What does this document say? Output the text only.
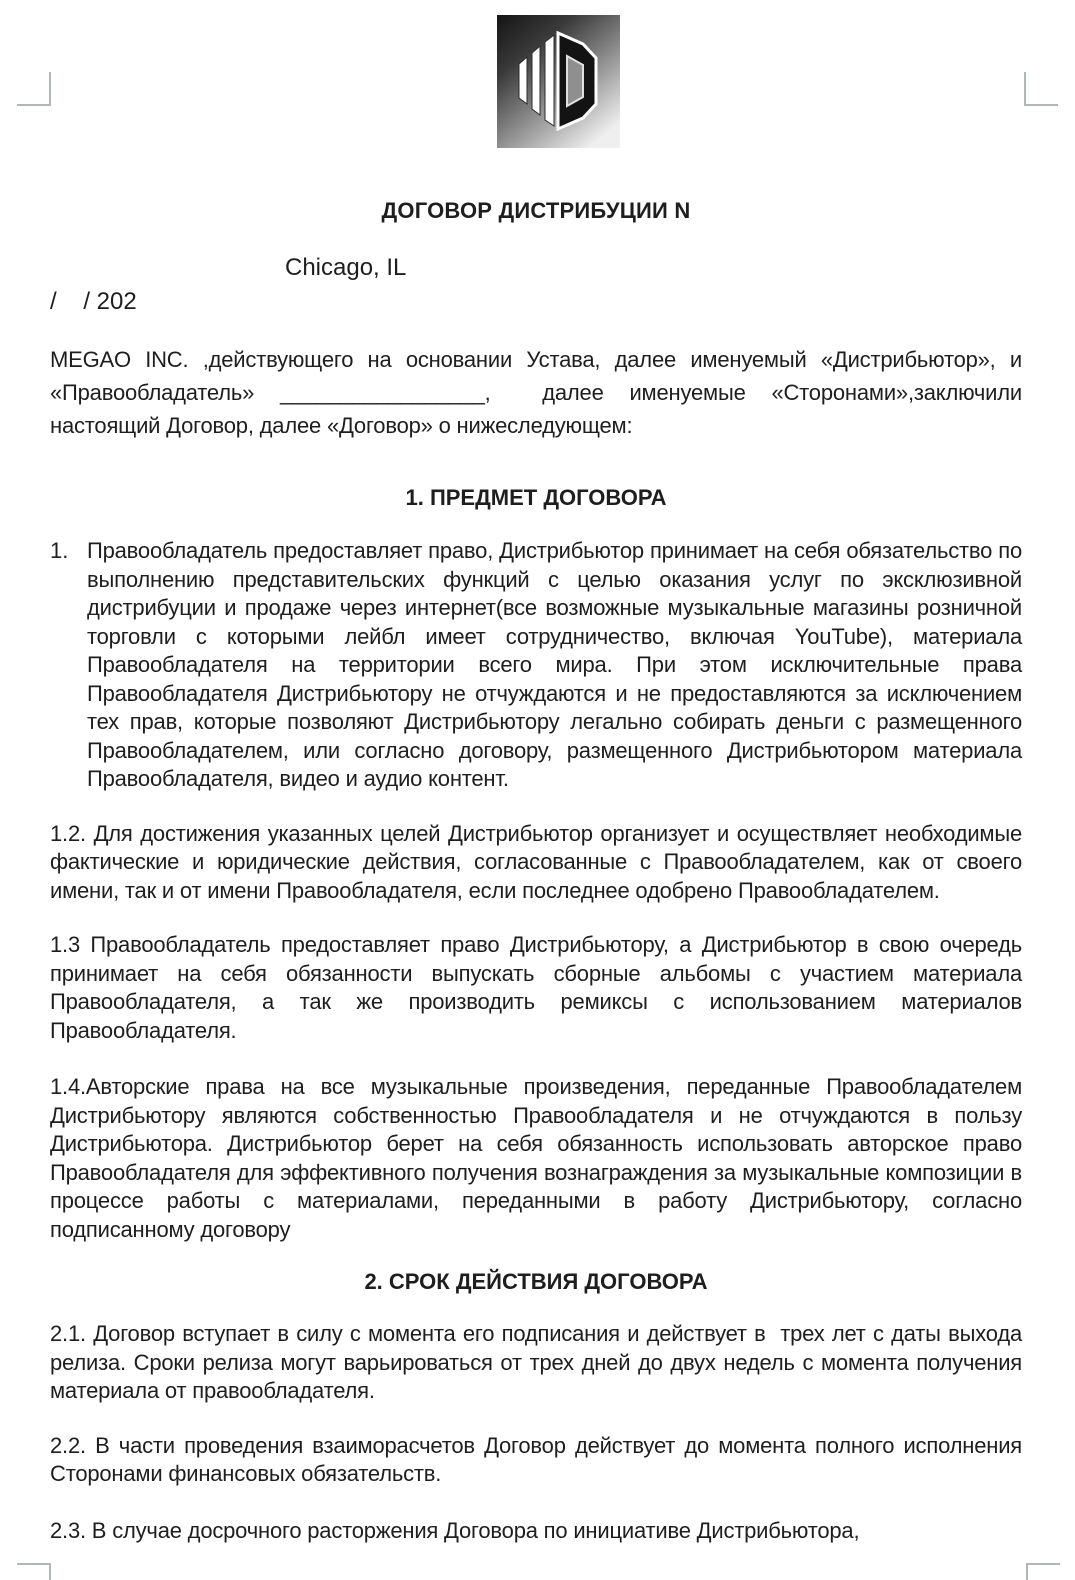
ДОГОВОР ДИСТРИБУЦИИ N
Chicago, IL
/    / 202

MEGAO INC. ,действующего на основании Устава, далее именуемый «Дистрибьютор», и «Правообладатель» _________________,  далее именуемые «Сторонами»,заключили настоящий Договор, далее «Договор» о нижеследующем:

1. ПРЕДМЕТ ДОГОВОРА
1. Правообладатель предоставляет право, Дистрибьютор принимает на себя обязательство по выполнению представительских функций с целью оказания услуг по эксклюзивной дистрибуции и продаже через интернет(все возможные музыкальные магазины розничной торговли с которыми лейбл имеет сотрудничество, включая YouTube), материала Правообладателя на территории всего мира. При этом исключительные права Правообладателя Дистрибьютору не отчуждаются и не предоставляются за исключением тех прав, которые позволяют Дистрибьютору легально собирать деньги с размещенного Правообладателем, или согласно договору, размещенного Дистрибьютором материала Правообладателя, видео и аудио контент.

1.2. Для достижения указанных целей Дистрибьютор организует и осуществляет необходимые фактические и юридические действия, согласованные с Правообладателем, как от своего имени, так и от имени Правообладателя, если последнее одобрено Правообладателем.

1.3 Правообладатель предоставляет право Дистрибьютору, а Дистрибьютор в свою очередь принимает на себя обязанности выпускать сборные альбомы с участием материала Правообладателя, а так же производить ремиксы с использованием материалов Правообладателя.

1.4.Авторские права на все музыкальные произведения, переданные Правообладателем Дистрибьютору являются собственностью Правообладателя и не отчуждаются в пользу Дистрибьютора. Дистрибьютор берет на себя обязанность использовать авторское право Правообладателя для эффективного получения вознаграждения за музыкальные композиции в процессе работы с материалами, переданными в работу Дистрибьютору, согласно подписанному договору

2. СРОК ДЕЙСТВИЯ ДОГОВОРА

2.1. Договор вступает в силу с момента его подписания и действует в  трех лет с даты выхода релиза. Сроки релиза могут варьироваться от трех дней до двух недель с момента получения материала от правообладателя.

2.2. В части проведения взаиморасчетов Договор действует до момента полного исполнения Сторонами финансовых обязательств.

2.3. В случае досрочного расторжения Договора по инициативе Дистрибьютора,
